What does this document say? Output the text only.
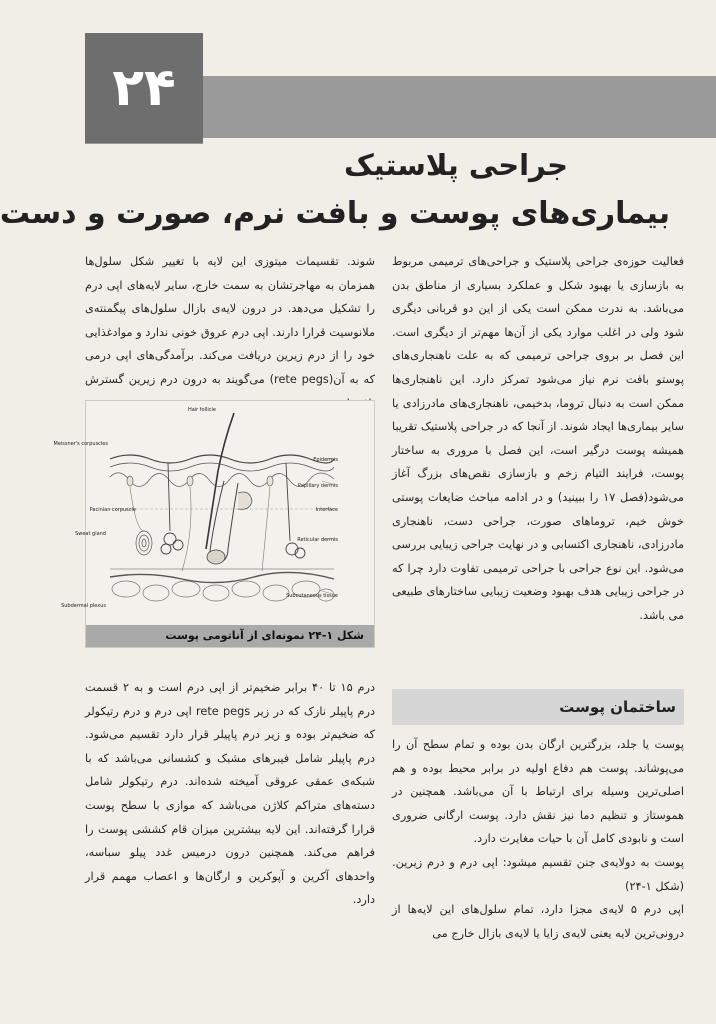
۲۴
جراحی پلاستیک
بیماری‌های پوست و بافت نرم، صورت و دست

فعالیت حوزه‌ی جراحی پلاستیک و جراحی‌های ترمیمی مربوط به بازسازی یا بهبود شکل و عملکرد بسیاری از مناطق بدن می‌باشد. به ندرت ممکن است یکی از این دو قربانی دیگری شود ولی در اغلب موارد یکی از آن‌ها مهم‌تر از دیگری است. این فصل بر بروی جراحی ترمیمی که به علت ناهنجاری‌های پوستو بافت نرم نیاز می‌شود تمرکز دارد. این ناهنجاری‌ها ممکن است به دنبال تروما، بدخیمی، ناهنجاری‌های مادرزادی یا سایر بیماری‌ها ایجاد شوند. از آنجا که در جراحی پلاستیک تقریبا همیشه پوست درگیر است، این فصل با مروری به ساختار پوست، فرایند التیام زخم و بازسازی نقص‌های بزرگ آغاز می‌شود(فصل ۱۷ را ببینید) و در ادامه مباحث ضایعات پوستی خوش خیم، تروماهای صورت، جراحی دست، ناهنجاری مادرزادی، ناهنجاری اکتسابی و در نهایت جراحی زیبایی بررسی می‌شود. این نوع جراحی با جراحی ترمیمی تفاوت دارد چرا که در جراحی زیبایی هدف بهبود وضعیت زیبایی ساختارهای طبیعی می باشد.

شوند. تقسیمات میتوزی این لایه با تغییر شکل سلول‌ها همزمان به مهاجرتشان به سمت خارج، سایر لایه‌های اپی درم را تشکیل می‌دهد. در درون لایه‌ی بازال سلول‌های پیگمنته‌ی ملانوسیت قرارا دارند. اپی درم عروق خونی ندارد و موادغذایی خود را از درم زیرین دریافت می‌کند. برآمدگی‌های اپی درمی که به آن(rete pegs) می‌گویند به درون درم زیرین گسترش

Hair follicle
Meissner's corpuscles
Pacinian corpuscle
Sweat gland
Subdermal plexus
Epidermis
Papillary dermis
Interface
Reticular dermis
Subcutaneous tissue
شکل ۱-۲۴ نمونه‌ای از آناتومی پوست

درم ۱۵ تا ۴۰ برابر ضخیم‌تر از اپی درم است و به ۲ قسمت درم پاپیلر نازک که در زیر rete pegs اپی درم و درم رتیکولر که ضخیم‌تر بوده و زیر درم پاپیلر قرار دارد تقسیم می‌شود. درم پاپیلر شامل فیبرهای مشبک و کشسانی می‌باشد که با شبکه‌ی عمقی عروقی آمیخته شده‌اند. درم رتیکولر شامل دسته‌های متراکم کلاژن می‌باشد که موازی با سطح پوست قرارا گرفته‌اند. این لایه بیشترین میزان قام کششی پوست را فراهم می‌کند. همچنین درون درمیس غدد پیلو سباسه، واحدهای آکرین و آپوکرین و ارگان‌ها و اعصاب مهمم قرار دارد.

ساختمان پوست

پوست یا جلد، بزرگترین ارگان بدن بوده و تمام سطح آن را می‌پوشاند. پوست هم دفاع اولیه در برابر محیط بوده و هم اصلی‌ترین وسیله برای ارتباط با آن می‌باشد. همچنین در هموستاز و تنظیم دما نیز نقش دارد. پوست ارگانی ضروری است و نابودی کامل آن با حیات مغایرت دارد.

پوست به دولایه‌ی جنن تقسیم میشود: اپی درم و درم زیرین. (شکل ۱-۲۴)

اپی درم ۵ لایه‌ی مجزا دارد، تمام سلول‌های این لایه‌ها از درونی‌ترین لایه یعنی لایه‌ی زایا یا لایه‌ی بازال خارج می
